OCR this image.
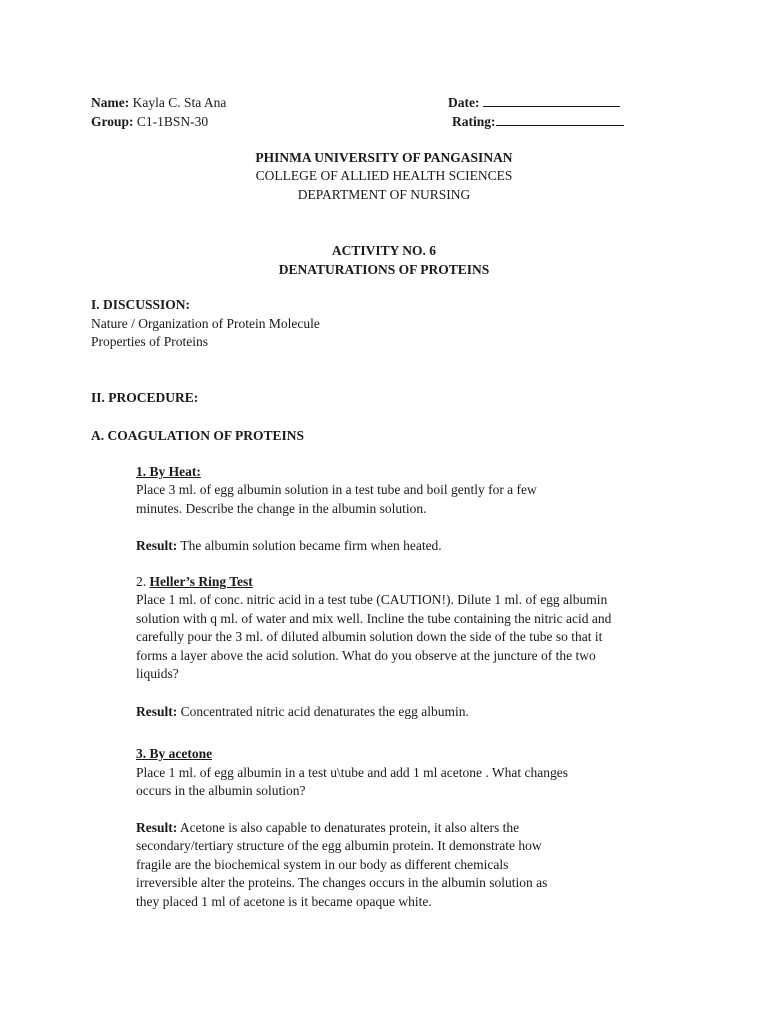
Name: Kayla C. Sta Ana
Group: C1-1BSN-30
Date:
Rating:
PHINMA UNIVERSITY OF PANGASINAN
COLLEGE OF ALLIED HEALTH SCIENCES
DEPARTMENT OF NURSING
ACTIVITY NO. 6
DENATURATIONS OF PROTEINS
I. DISCUSSION:
Nature / Organization of Protein Molecule
Properties of Proteins
II. PROCEDURE:
A. COAGULATION OF PROTEINS
1. By Heat:
Place 3 ml. of egg albumin solution in a test tube and boil gently for a few
minutes. Describe the change in the albumin solution.
Result: The albumin solution became firm when heated.
2. Heller’s Ring Test
Place 1 ml. of conc. nitric acid in a test tube (CAUTION!). Dilute 1 ml. of egg albumin
solution with q ml. of water and mix well. Incline the tube containing the nitric acid and
carefully pour the 3 ml. of diluted albumin solution down the side of the tube so that it
forms a layer above the acid solution. What do you observe at the juncture of the two
liquids?
Result: Concentrated nitric acid denaturates the egg albumin.
3. By acetone
Place 1 ml. of egg albumin in a test u\tube and add 1 ml acetone . What changes
occurs in the albumin solution?
Result: Acetone is also capable to denaturates protein, it also alters the
secondary/tertiary structure of the egg albumin protein. It demonstrate how
fragile are the biochemical system in our body as different chemicals
irreversible alter the proteins. The changes occurs in the albumin solution as
they placed 1 ml of acetone is it became opaque white.
